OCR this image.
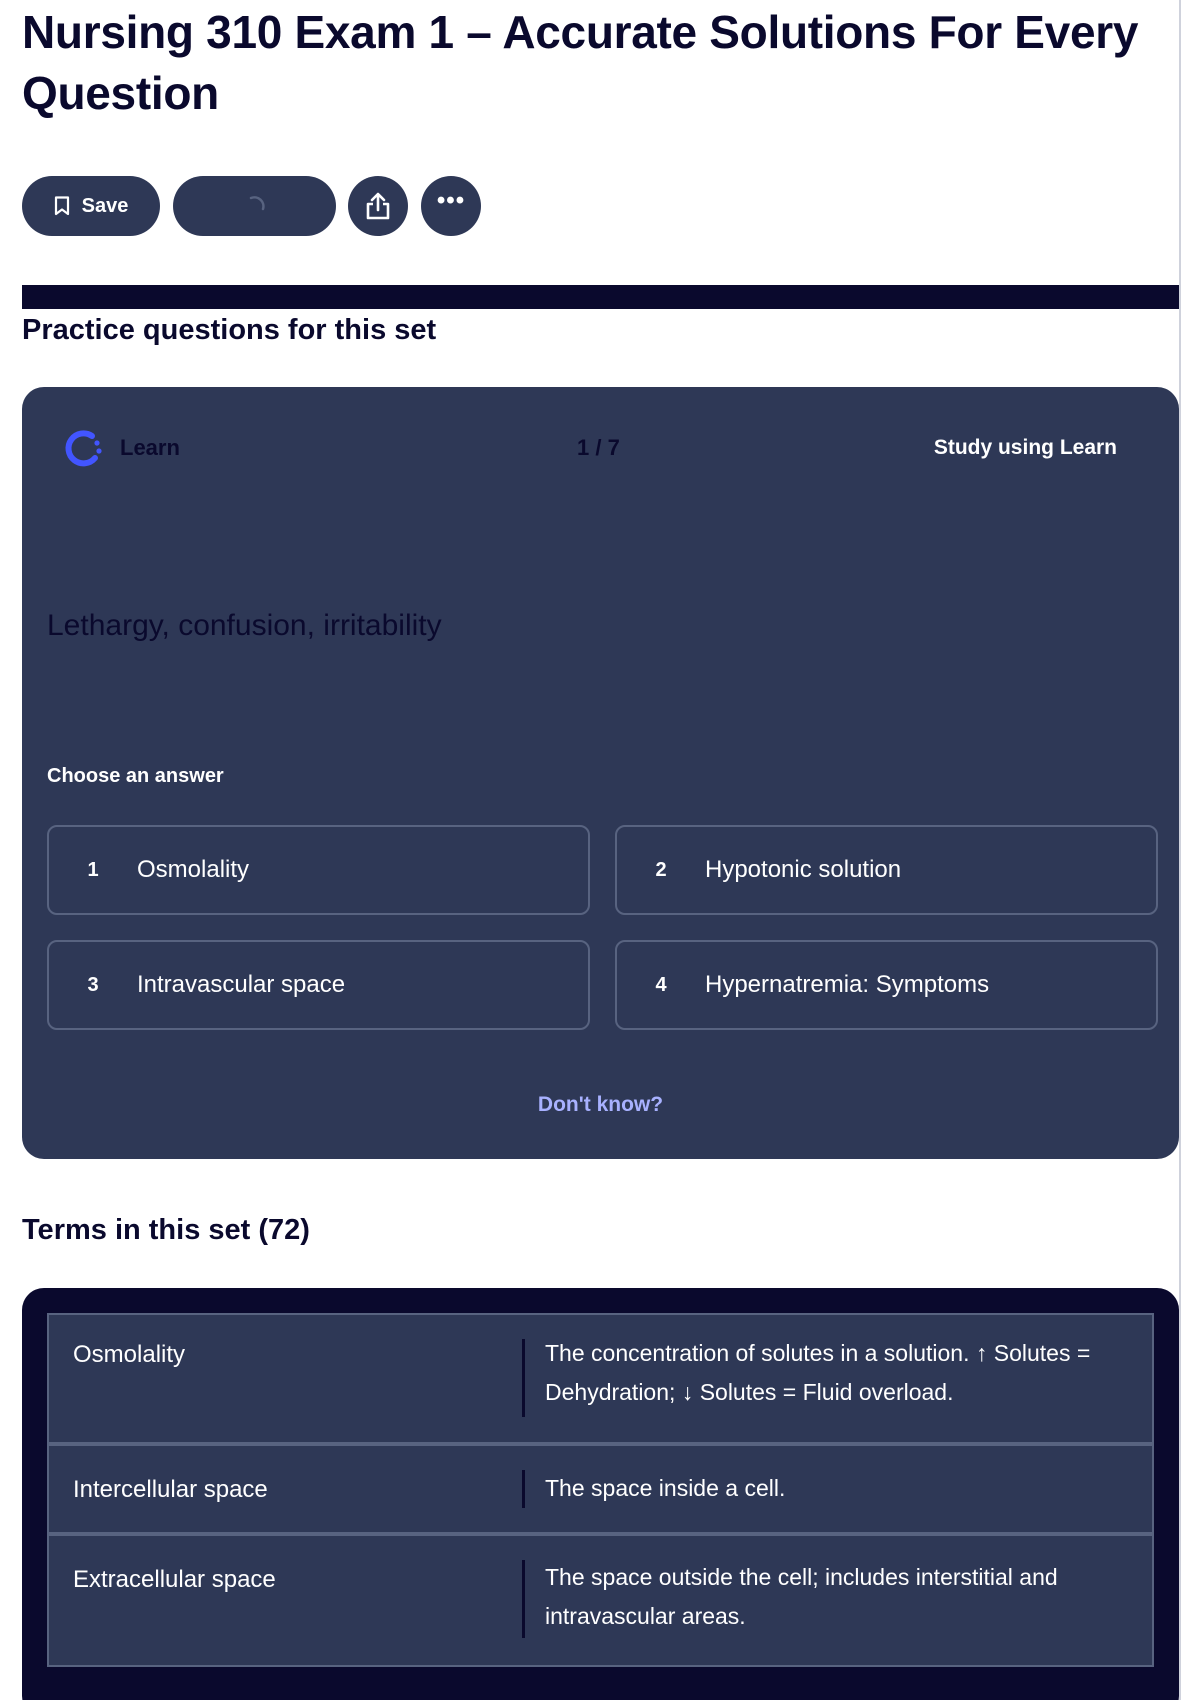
Nursing 310 Exam 1 – Accurate Solutions For Every Question
Save	•••
Practice questions for this set
Learn	1 / 7	Study using Learn
Lethargy, confusion, irritability
Choose an answer
1	Osmolality	2	Hypotonic solution
3	Intravascular space	4	Hypernatremia: Symptoms
Don't know?
Terms in this set (72)
Osmolality	The concentration of solutes in a solution. ↑ Solutes = Dehydration; ↓ Solutes = Fluid overload.
Intercellular space	The space inside a cell.
Extracellular space	The space outside the cell; includes interstitial and intravascular areas.
